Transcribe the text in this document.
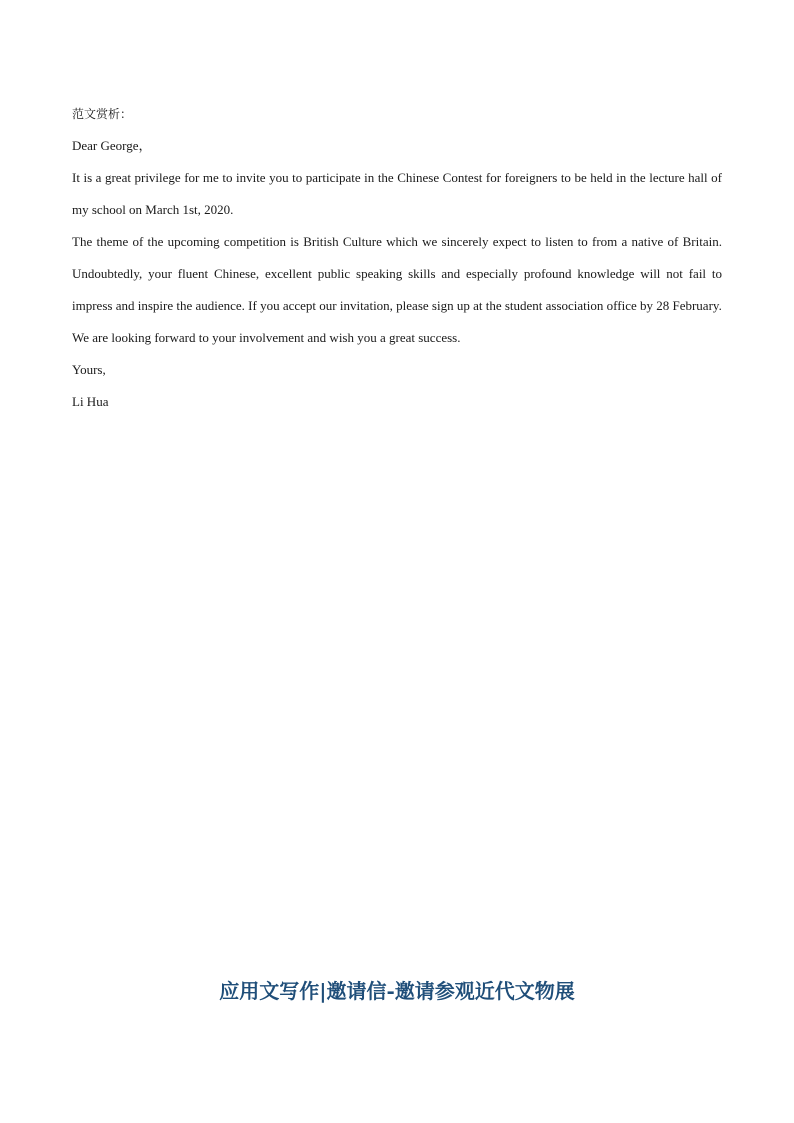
范文赏析：

Dear George，

It is a great privilege for me to invite you to participate in the Chinese Contest for foreigners to be held in the lecture hall of my school on March 1st, 2020.

The theme of the upcoming competition is British Culture which we sincerely expect to listen to from a native of Britain. Undoubtedly, your fluent Chinese, excellent public speaking skills and especially profound knowledge will not fail to impress and inspire the audience. If you accept our invitation, please sign up at the student association office by 28 February.

We are looking forward to your involvement and wish you a great success.

Yours,

Li Hua

应用文写作|邀请信-邀请参观近代文物展
